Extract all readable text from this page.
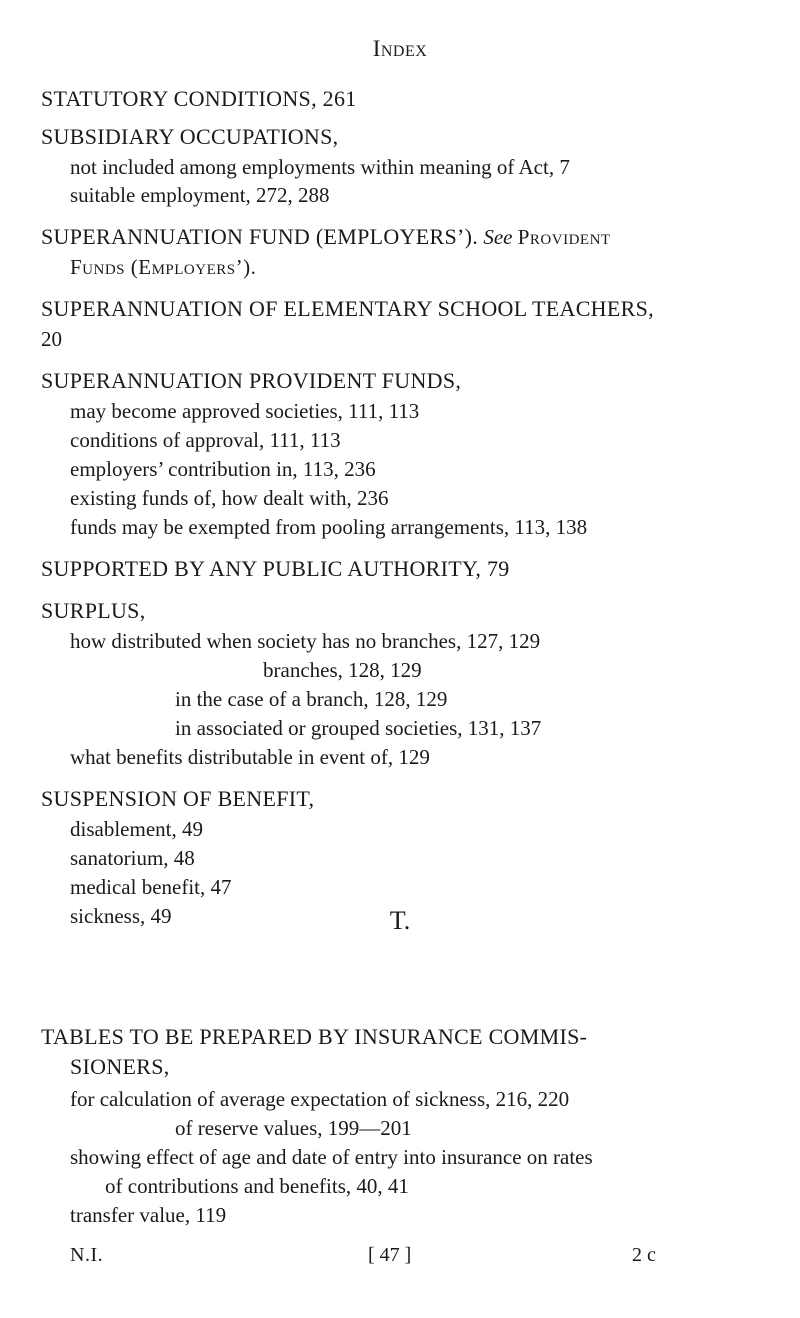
Index
STATUTORY CONDITIONS, 261
SUBSIDIARY OCCUPATIONS,
not included among employments within meaning of Act, 7
suitable employment, 272, 288
SUPERANNUATION FUND (EMPLOYERS’). See Provident
Funds (Employers’).
SUPERANNUATION OF ELEMENTARY SCHOOL TEACHERS,
20
SUPERANNUATION PROVIDENT FUNDS,
may become approved societies, 111, 113
conditions of approval, 111, 113
employers’ contribution in, 113, 236
existing funds of, how dealt with, 236
funds may be exempted from pooling arrangements, 113, 138
SUPPORTED BY ANY PUBLIC AUTHORITY, 79
SURPLUS,
how distributed when society has no branches, 127, 129
branches, 128, 129
in the case of a branch, 128, 129
in associated or grouped societies, 131, 137
what benefits distributable in event of, 129
SUSPENSION OF BENEFIT,
disablement, 49
sanatorium, 48
medical benefit, 47
sickness, 49	T.
TABLES TO BE PREPARED BY INSURANCE COMMIS-
SIONERS,
for calculation of average expectation of sickness, 216, 220
of reserve values, 199—201
showing effect of age and date of entry into insurance on rates
of contributions and benefits, 40, 41
transfer value, 119
N.I.	[ 47 ]	2 c
